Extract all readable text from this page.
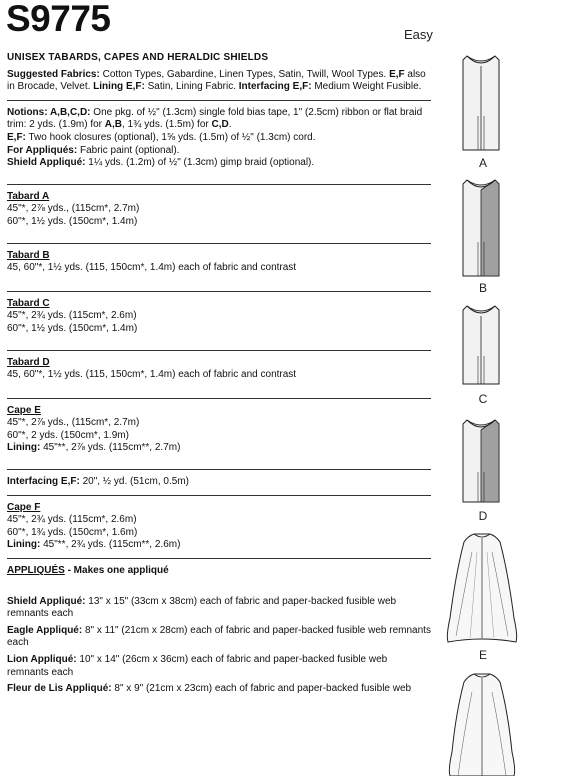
S9775	Easy
UNISEX TABARDS, CAPES AND HERALDIC SHIELDS
Suggested Fabrics: Cotton Types, Gabardine, Linen Types, Satin, Twill, Wool Types. E,F also in Brocade, Velvet. Lining E,F: Satin, Lining Fabric. Interfacing E,F: Medium Weight Fusible.
Notions: A,B,C,D: One pkg. of ½" (1.3cm) single fold bias tape, 1" (2.5cm) ribbon or flat braid trim: 2 yds. (1.9m) for A,B, 1¾ yds. (1.5m) for C,D.
E,F: Two hook closures (optional), 1⅝ yds. (1.5m) of ½" (1.3cm) cord.
For Appliqués: Fabric paint (optional).
Shield Appliqué: 1¼ yds. (1.2m) of ½" (1.3cm) gimp braid (optional).
Tabard A
45"*, 2⅞ yds., (115cm*, 2.7m)
60"*, 1½ yds. (150cm*, 1.4m)
Tabard B
45, 60"*, 1½ yds. (115, 150cm*, 1.4m) each of fabric and contrast
Tabard C
45"*, 2¾ yds. (115cm*, 2.6m)
60"*, 1½ yds. (150cm*, 1.4m)
Tabard D
45, 60"*, 1½ yds. (115, 150cm*, 1.4m) each of fabric and contrast
Cape E
45"*, 2⅞ yds., (115cm*, 2.7m)
60"*, 2 yds. (150cm*, 1.9m)
Lining: 45"**, 2⅞ yds. (115cm**, 2.7m)
Interfacing E,F: 20", ½ yd. (51cm, 0.5m)
Cape F
45"*, 2¾ yds. (115cm*, 2.6m)
60"*, 1¾ yds. (150cm*, 1.6m)
Lining: 45"**, 2¾ yds. (115cm**, 2.6m)
APPLIQUÉS - Makes one appliqué
Shield Appliqué: 13" x 15" (33cm x 38cm) each of fabric and paper-backed fusible web remnants each
Eagle Appliqué: 8" x 11" (21cm x 28cm) each of fabric and paper-backed fusible web remnants each
Lion Appliqué: 10" x 14" (26cm x 36cm) each of fabric and paper-backed fusible web remnants each
Fleur de Lis Appliqué: 8" x 9" (21cm x 23cm) each of fabric and paper-backed fusible web
A
B
C
D
E
